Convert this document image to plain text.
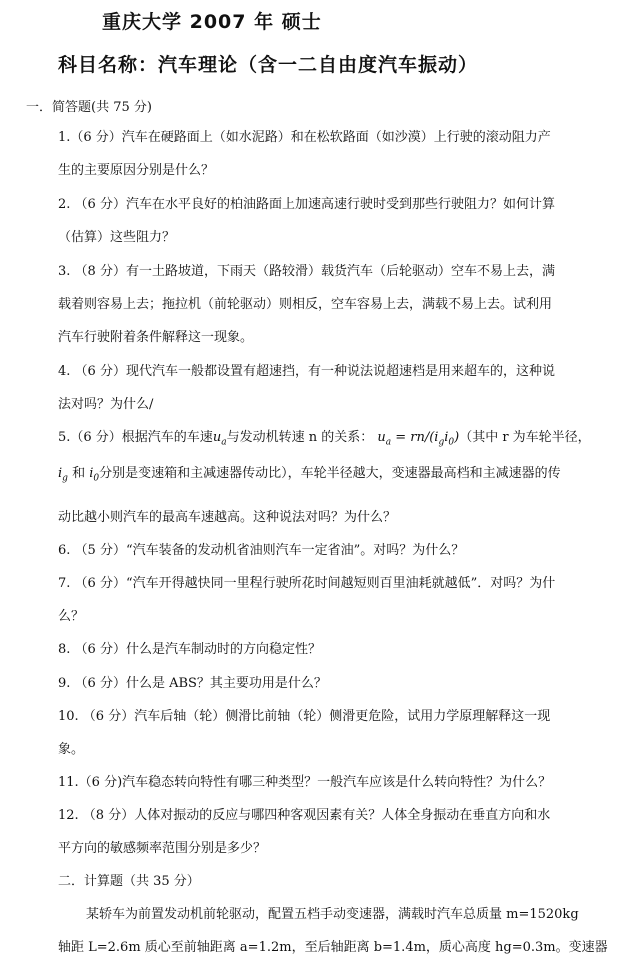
重庆大学 2007 年 硕士
科目名称：汽车理论（含一二自由度汽车振动）
一．简答题(共 75 分)
1.（6 分）汽车在硬路面上（如水泥路）和在松软路面（如沙漠）上行驶的滚动阻力产
生的主要原因分别是什么？
2. （6 分）汽车在水平良好的柏油路面上加速高速行驶时受到那些行驶阻力？如何计算
（估算）这些阻力？
3. （8 分）有一土路坡道，下雨天（路较滑）载货汽车（后轮驱动）空车不易上去，满
载着则容易上去；拖拉机（前轮驱动）则相反，空车容易上去，满载不易上去。试利用
汽车行驶附着条件解释这一现象。
4. （6 分）现代汽车一般都设置有超速挡，有一种说法说超速档是用来超车的，这种说
法对吗？为什么/
5.（6 分）根据汽车的车速$u_a$与发动机转速 n 的关系： $u_a = rn/(i_gi_0)$（其中 r 为车轮半径，
$i_g$ 和 $i_0$分别是变速箱和主减速器传动比），车轮半径越大，变速器最高档和主减速器的传
动比越小则汽车的最高车速越高。这种说法对吗？为什么？
6. （5 分）“汽车装备的发动机省油则汽车一定省油”。对吗？为什么？
7. （6 分）“汽车开得越快同一里程行驶所花时间越短则百里油耗就越低”．对吗？为什
么？
8. （6 分）什么是汽车制动时的方向稳定性？
9. （6 分）什么是 ABS？其主要功用是什么？
10. （6 分）汽车后轴（轮）侧滑比前轴（轮）侧滑更危险，试用力学原理解释这一现
象。
11.（6 分)汽车稳态转向特性有哪三种类型？一般汽车应该是什么转向特性？为什么？
12. （8 分）人体对振动的反应与哪四种客观因素有关？人体全身振动在垂直方向和水
平方向的敏感频率范围分别是多少？
二．计算题（共 35 分）
某轿车为前置发动机前轮驱动，配置五档手动变速器，满载时汽车总质量 m=1520kg
轴距 L=2.6m 质心至前轴距离 a=1.2m，至后轴距离 b=1.4m，质心高度 hg=0.3m。变速器
